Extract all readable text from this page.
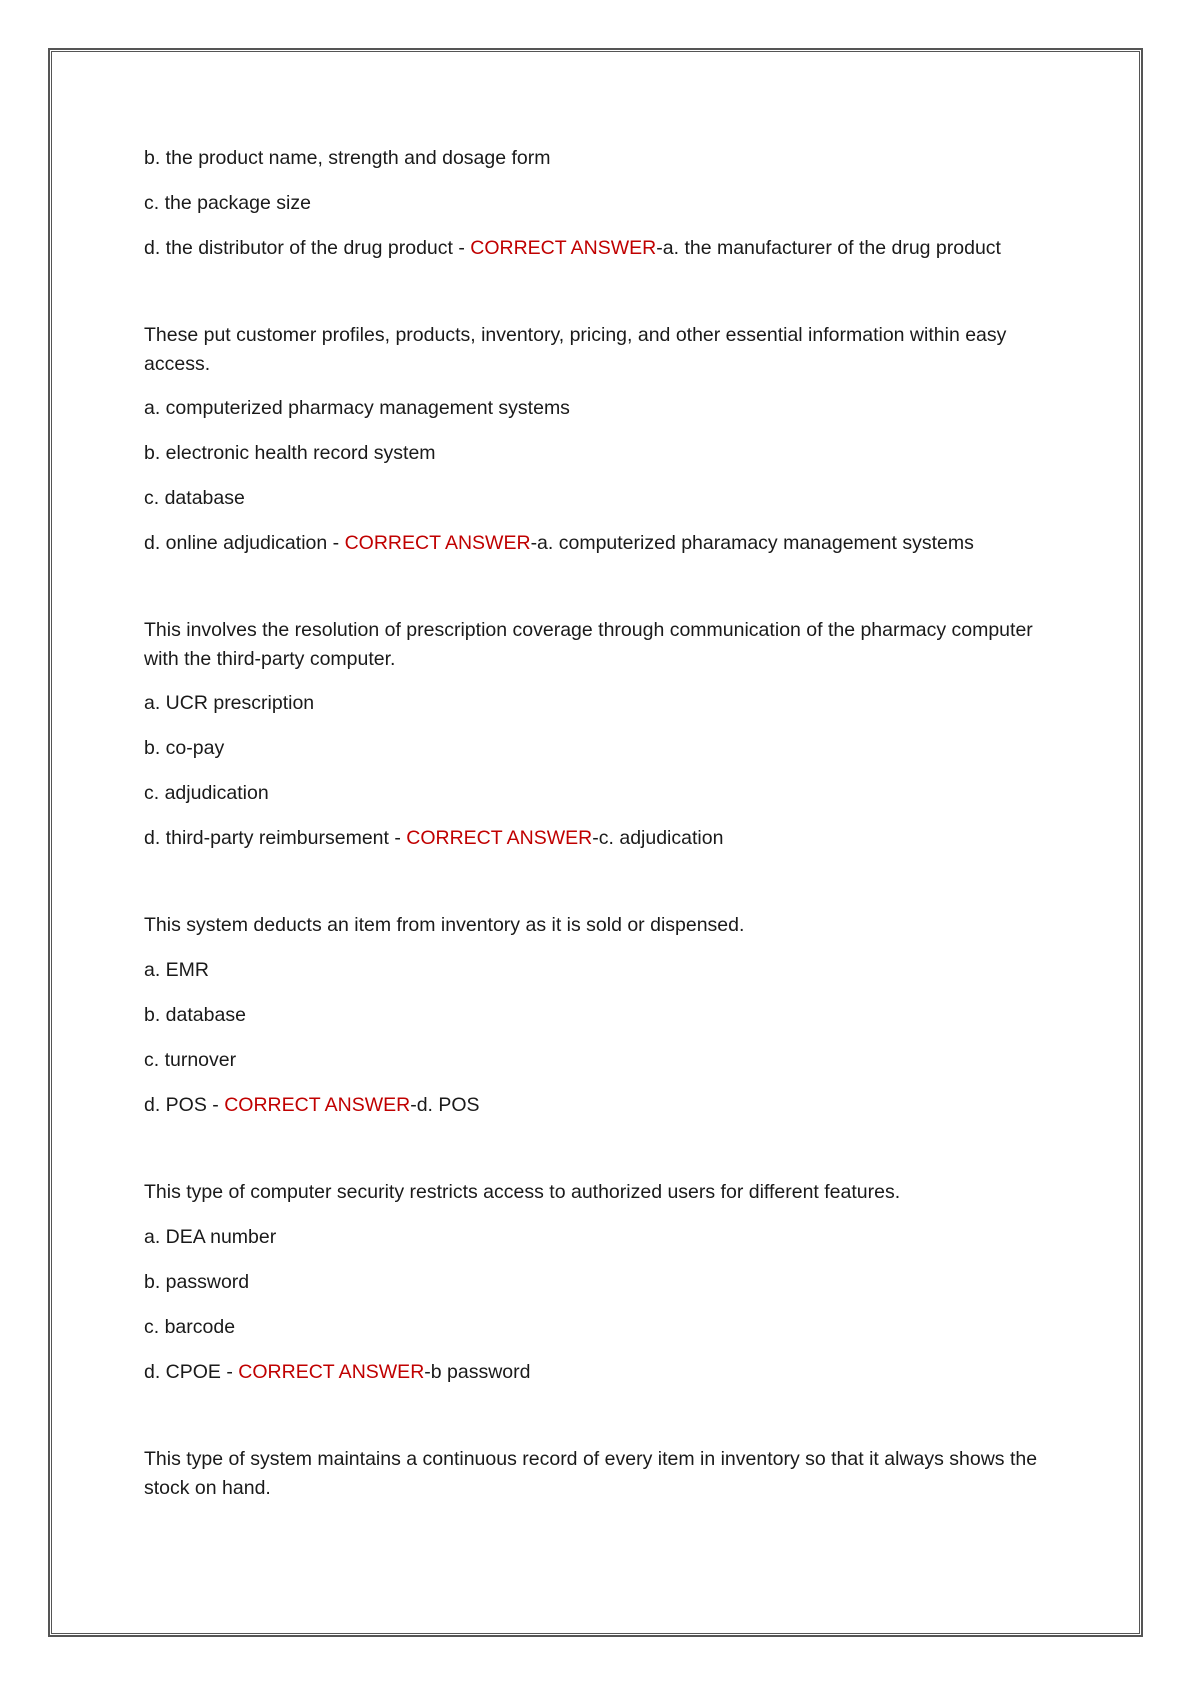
b. the product name, strength and dosage form

c. the package size

d. the distributor of the drug product - CORRECT ANSWER-a. the manufacturer of the drug product

These put customer profiles, products, inventory, pricing, and other essential information within easy access.

a. computerized pharmacy management systems

b. electronic health record system

c. database

d. online adjudication - CORRECT ANSWER-a. computerized pharamacy management systems

This involves the resolution of prescription coverage through communication of the pharmacy computer with the third-party computer.

a. UCR prescription

b. co-pay

c. adjudication

d. third-party reimbursement - CORRECT ANSWER-c. adjudication

This system deducts an item from inventory as it is sold or dispensed.

a. EMR

b. database

c. turnover

d. POS - CORRECT ANSWER-d. POS

This type of computer security restricts access to authorized users for different features.

a. DEA number

b. password

c. barcode

d. CPOE - CORRECT ANSWER-b password

This type of system maintains a continuous record of every item in inventory so that it always shows the stock on hand.
